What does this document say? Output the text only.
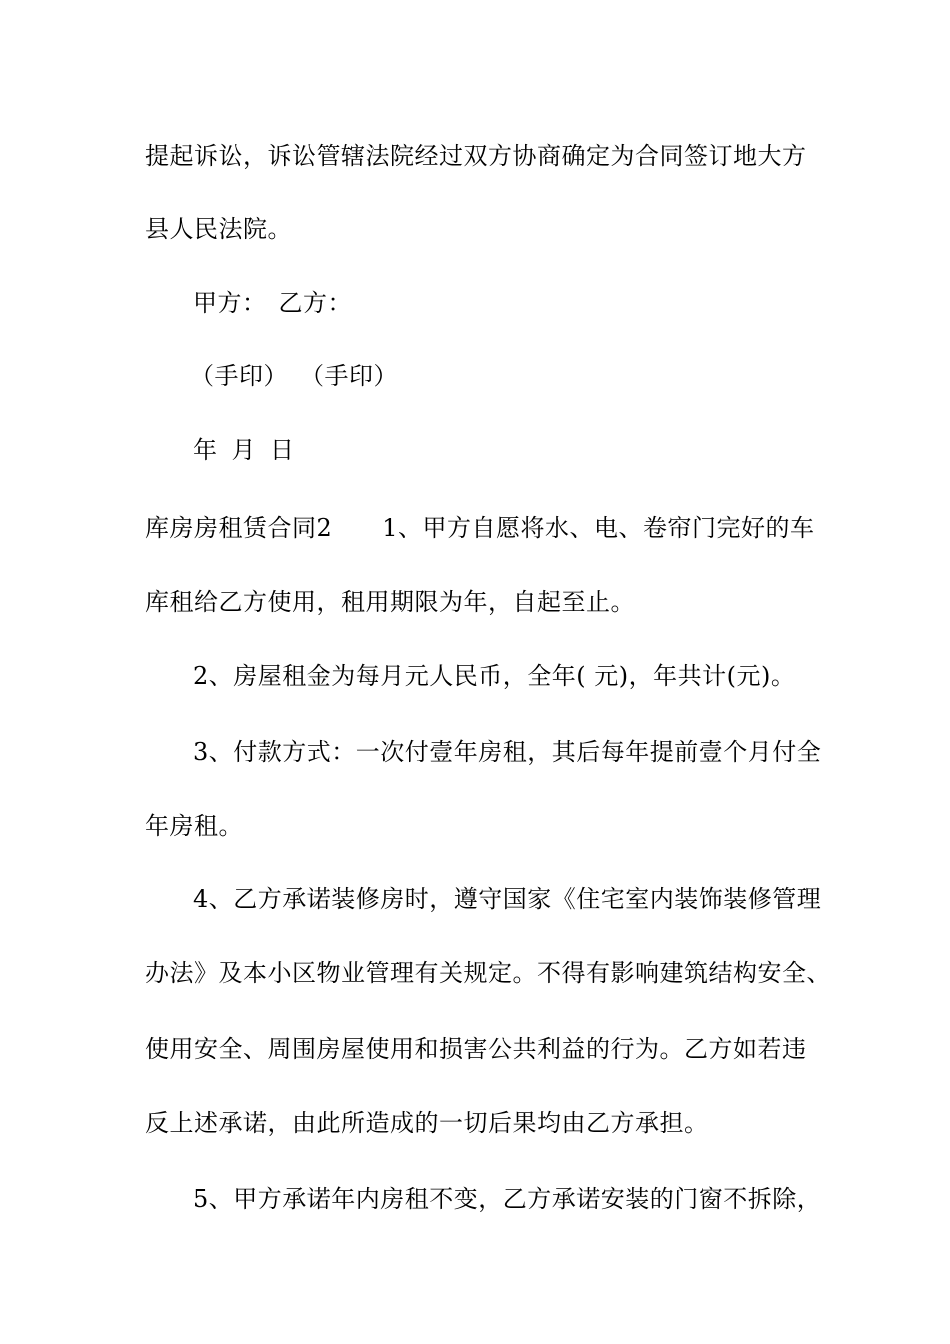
提起诉讼，诉讼管辖法院经过双方协商确定为合同签订地大方
县人民法院。
甲方： 乙方：
（手印） （手印）
年 月 日
库房房租赁合同2 1、甲方自愿将水、电、卷帘门完好的车
库租给乙方使用，租用期限为年，自起至止。
2、房屋租金为每月元人民币，全年( 元)，年共计(元)。
3、付款方式：一次付壹年房租，其后每年提前壹个月付全
年房租。
4、乙方承诺装修房时，遵守国家《住宅室内装饰装修管理
办法》及本小区物业管理有关规定。不得有影响建筑结构安全、
使用安全、周围房屋使用和损害公共利益的行为。乙方如若违
反上述承诺，由此所造成的一切后果均由乙方承担。
5、甲方承诺年内房租不变，乙方承诺安装的门窗不拆除，
